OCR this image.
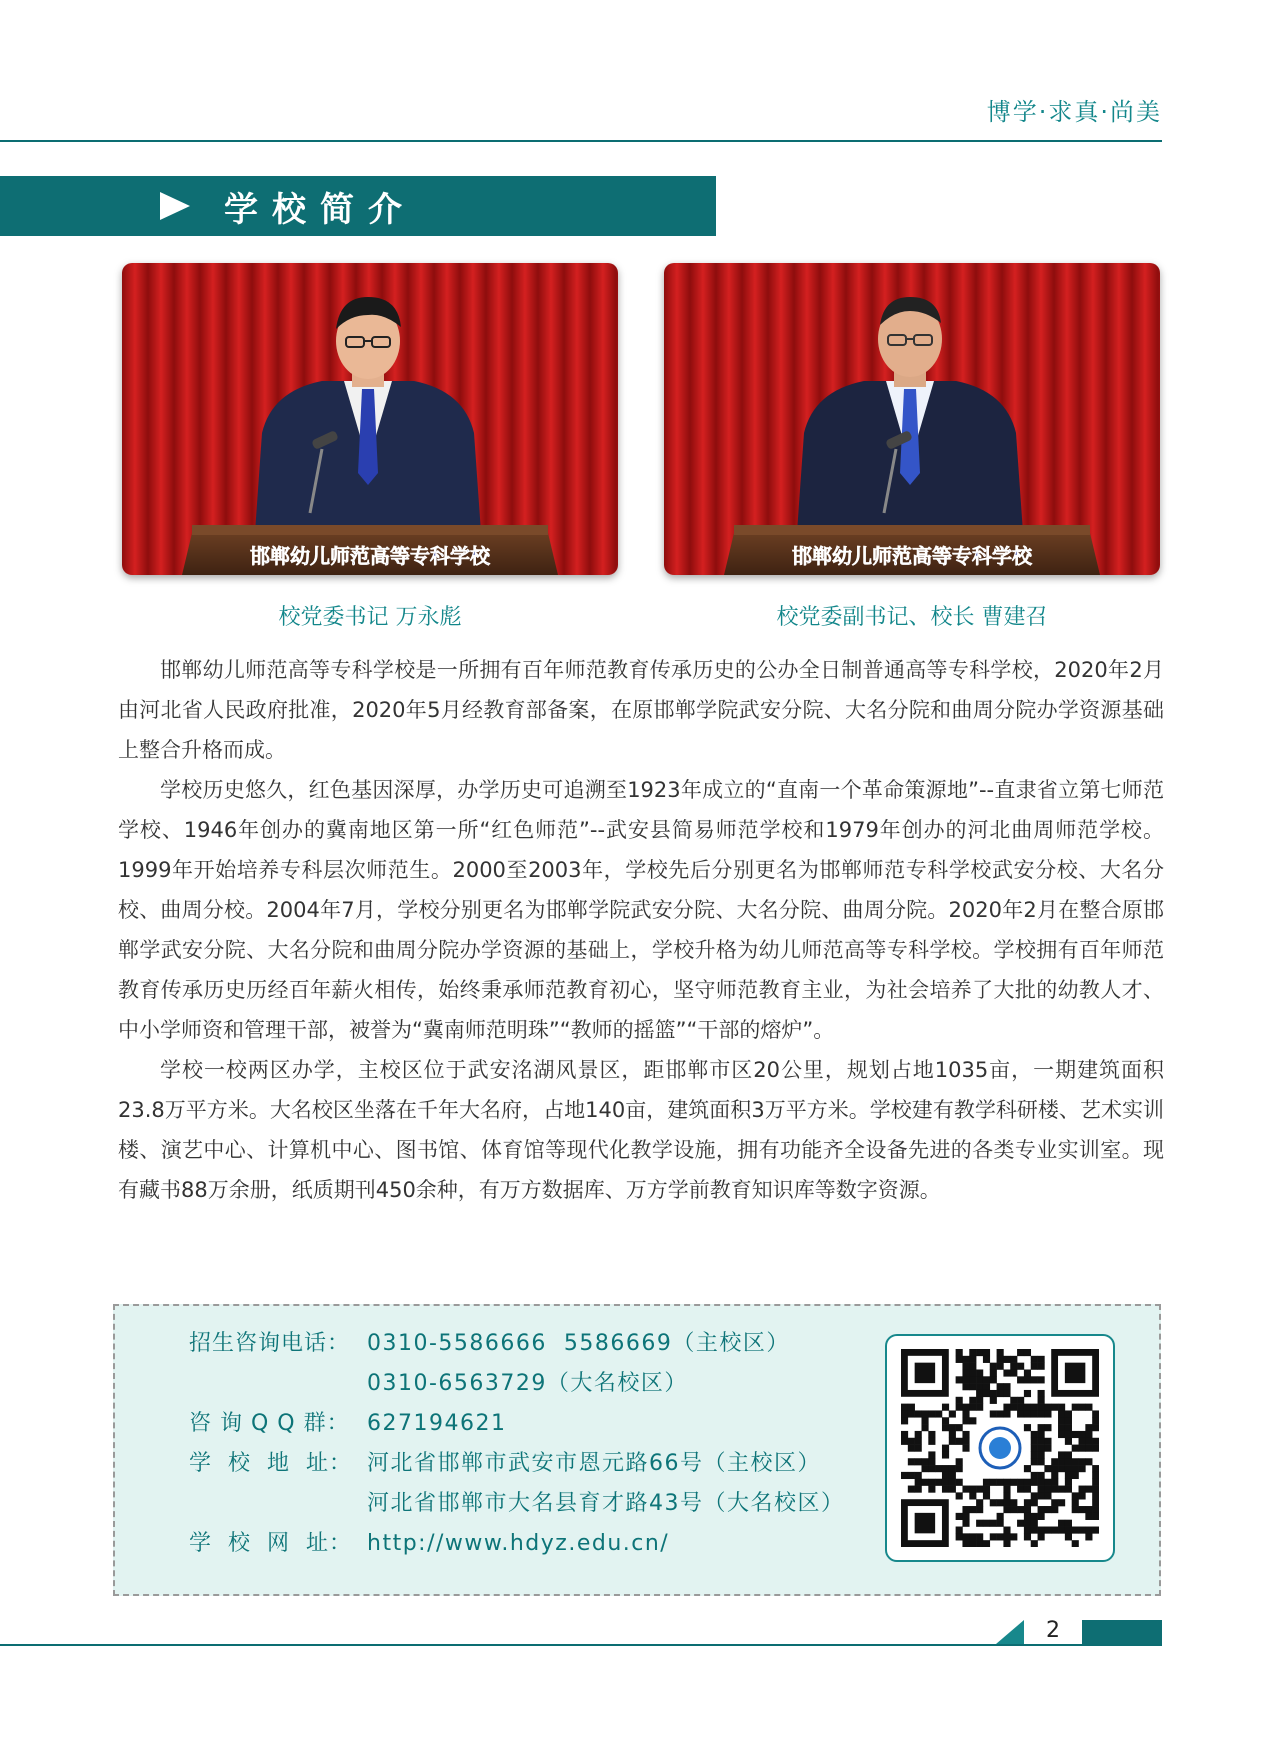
博学·求真·尚美
学校简介
邯郸幼儿师范高等专科学校	邯郸幼儿师范高等专科学校
校党委书记 万永彪	校党委副书记、校长 曹建召

邯郸幼儿师范高等专科学校是一所拥有百年师范教育传承历史的公办全日制普通高等专科学校，2020年2月由河北省人民政府批准，2020年5月经教育部备案，在原邯郸学院武安分院、大名分院和曲周分院办学资源基础上整合升格而成。

学校历史悠久，红色基因深厚，办学历史可追溯至1923年成立的“直南一个革命策源地”--直隶省立第七师范学校、1946年创办的冀南地区第一所“红色师范”--武安县简易师范学校和1979年创办的河北曲周师范学校。1999年开始培养专科层次师范生。2000至2003年，学校先后分别更名为邯郸师范专科学校武安分校、大名分校、曲周分校。2004年7月，学校分别更名为邯郸学院武安分院、大名分院、曲周分院。2020年2月在整合原邯郸学武安分院、大名分院和曲周分院办学资源的基础上，学校升格为幼儿师范高等专科学校。学校拥有百年师范教育传承历史历经百年薪火相传，始终秉承师范教育初心，坚守师范教育主业，为社会培养了大批的幼教人才、中小学师资和管理干部，被誉为“冀南师范明珠”“教师的摇篮”“干部的熔炉”。

学校一校两区办学，主校区位于武安洺湖风景区，距邯郸市区20公里，规划占地1035亩，一期建筑面积23.8万平方米。大名校区坐落在千年大名府，占地140亩，建筑面积3万平方米。学校建有教学科研楼、艺术实训楼、演艺中心、计算机中心、图书馆、体育馆等现代化教学设施，拥有功能齐全设备先进的各类专业实训室。现有藏书88万余册，纸质期刊450余种，有万方数据库、万方学前教育知识库等数字资源。

招生咨询电话： 0310-5586666  5586669（主校区）
0310-6563729（大名校区）
咨 询 Q Q 群： 627194621
学  校  地  址： 河北省邯郸市武安市恩元路66号（主校区）
河北省邯郸市大名县育才路43号（大名校区）
学  校  网  址： http://www.hdyz.edu.cn/
2
